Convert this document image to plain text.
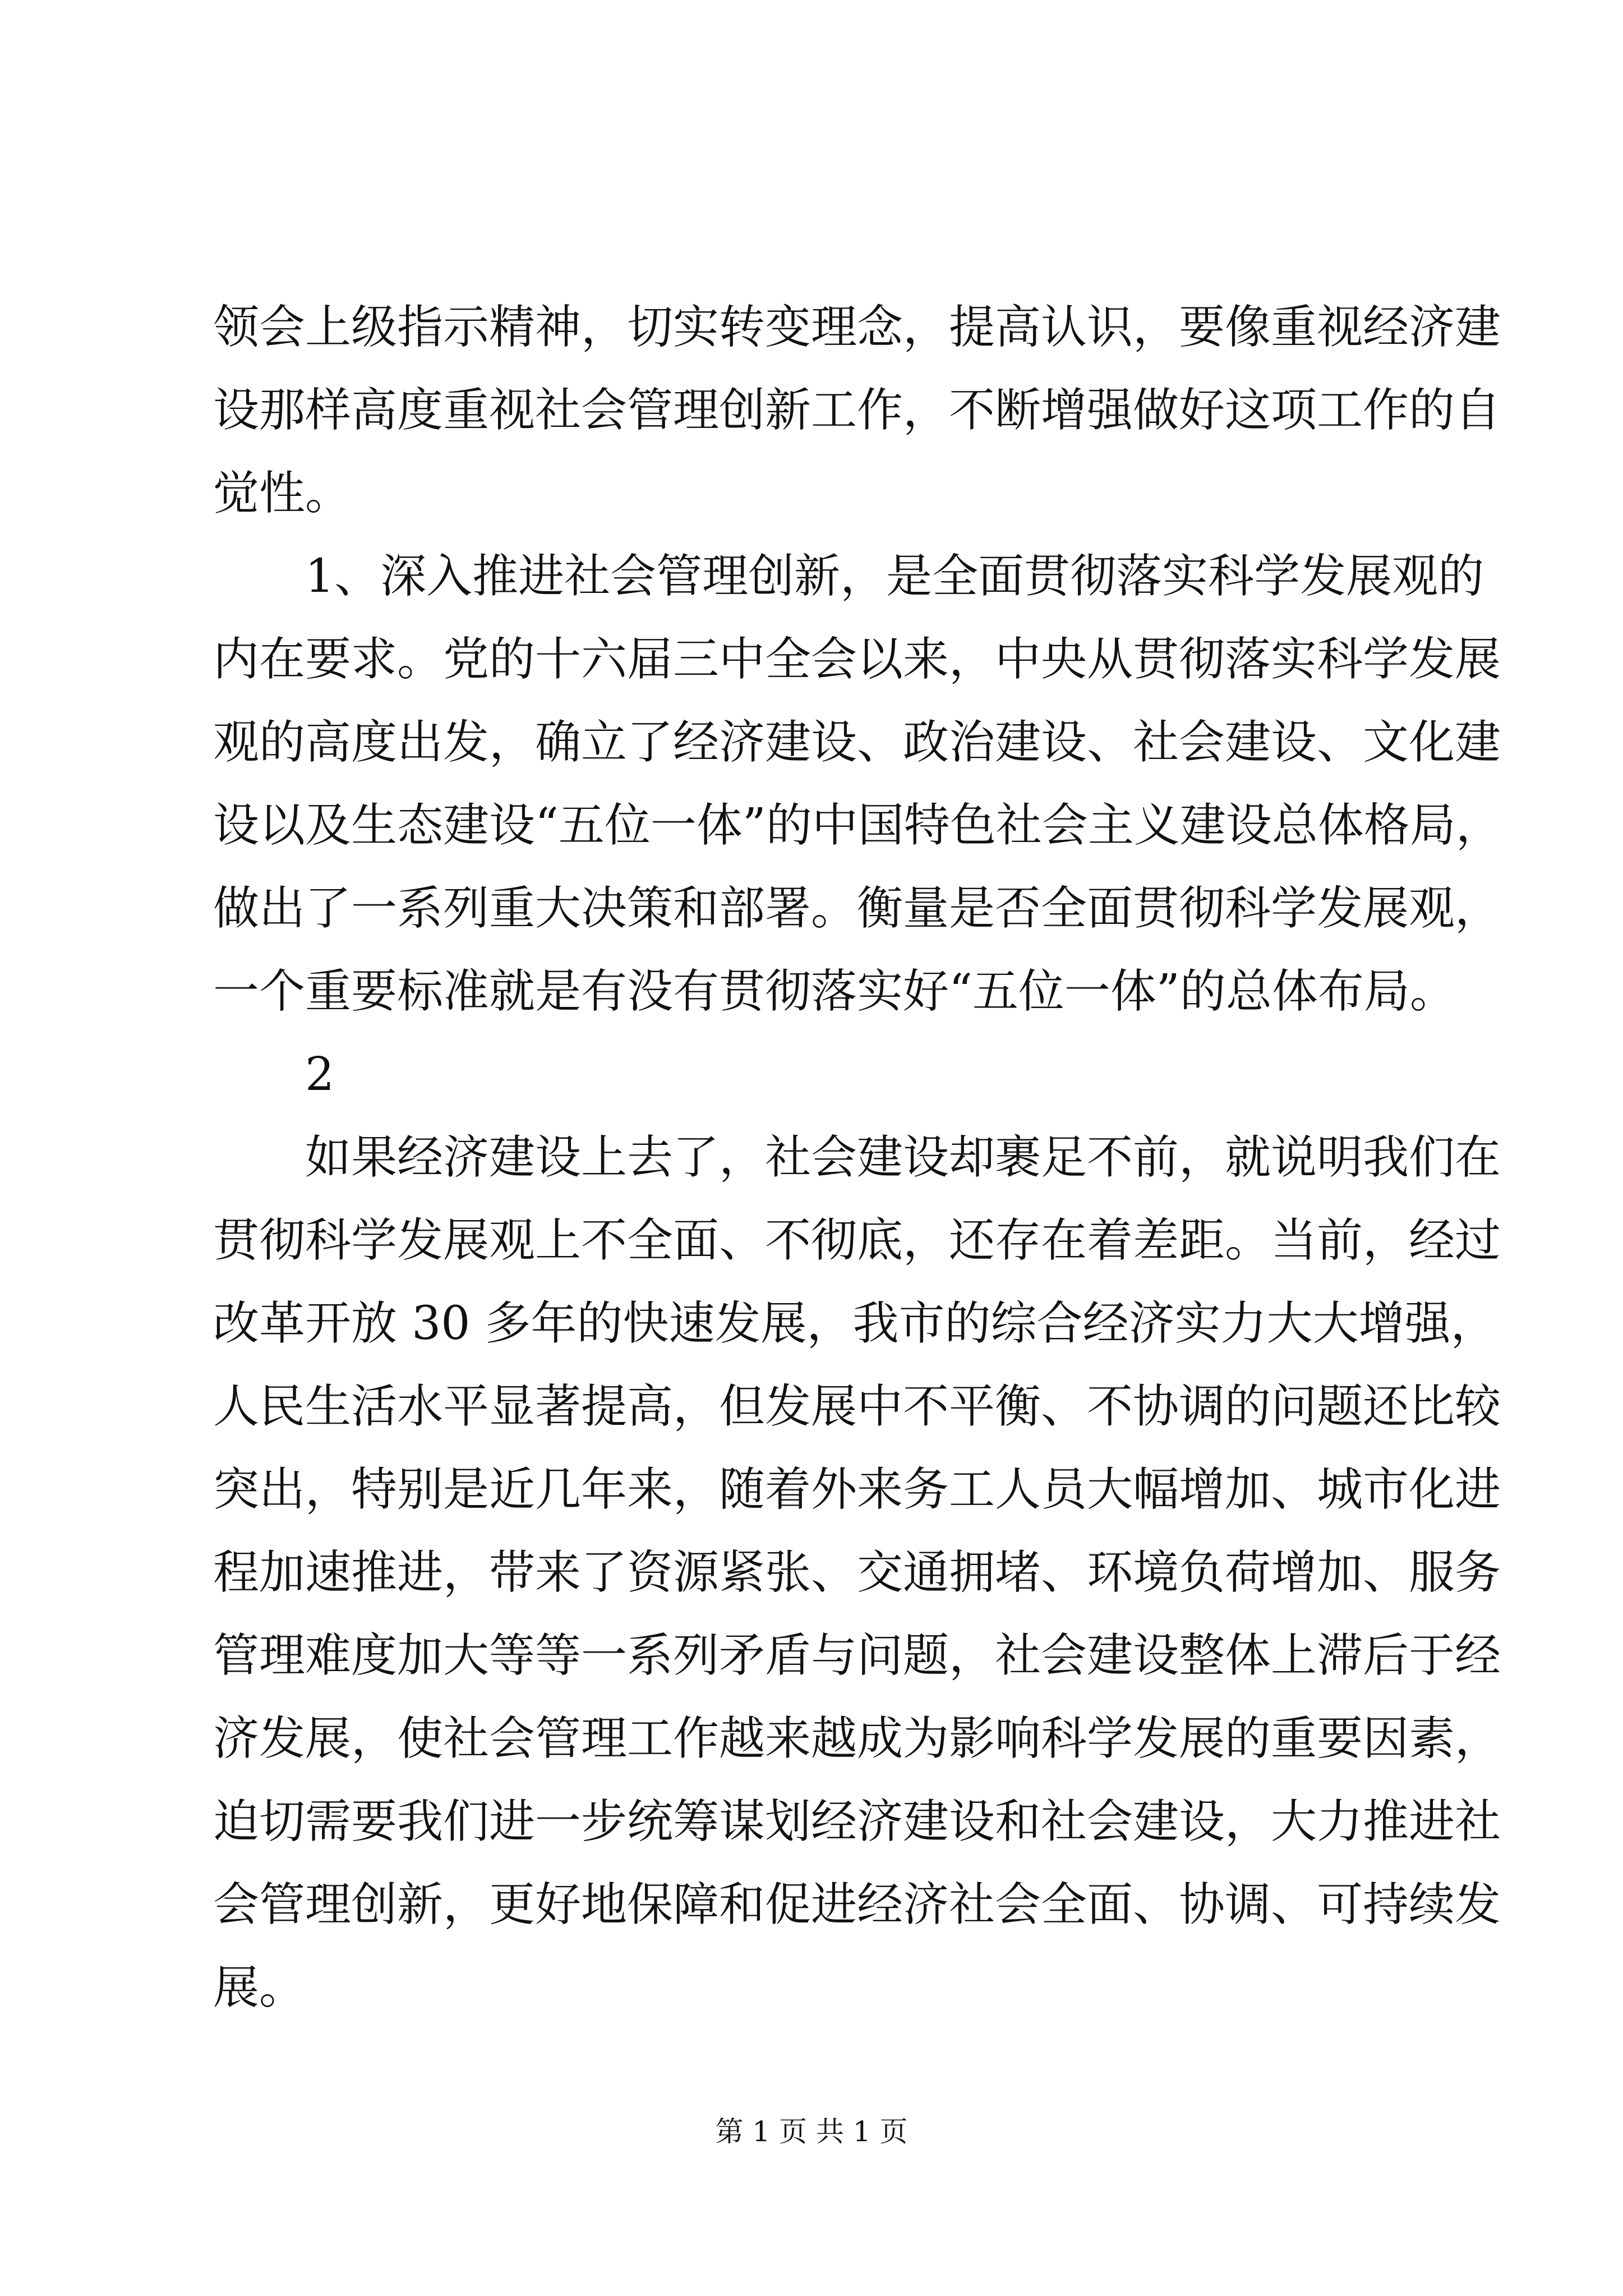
领会上级指示精神，切实转变理念，提高认识，要像重视经济建
设那样高度重视社会管理创新工作，不断增强做好这项工作的自
觉性。
　　1、深入推进社会管理创新，是全面贯彻落实科学发展观的
内在要求。党的十六届三中全会以来，中央从贯彻落实科学发展
观的高度出发，确立了经济建设、政治建设、社会建设、文化建
设以及生态建设“五位一体”的中国特色社会主义建设总体格局，
做出了一系列重大决策和部署。衡量是否全面贯彻科学发展观，
一个重要标准就是有没有贯彻落实好“五位一体”的总体布局。
　　2
　　如果经济建设上去了，社会建设却裹足不前，就说明我们在
贯彻科学发展观上不全面、不彻底，还存在着差距。当前，经过
改革开放 30 多年的快速发展，我市的综合经济实力大大增强，
人民生活水平显著提高，但发展中不平衡、不协调的问题还比较
突出，特别是近几年来，随着外来务工人员大幅增加、城市化进
程加速推进，带来了资源紧张、交通拥堵、环境负荷增加、服务
管理难度加大等等一系列矛盾与问题，社会建设整体上滞后于经
济发展，使社会管理工作越来越成为影响科学发展的重要因素，
迫切需要我们进一步统筹谋划经济建设和社会建设，大力推进社
会管理创新，更好地保障和促进经济社会全面、协调、可持续发
展。
第 1 页 共 1 页
